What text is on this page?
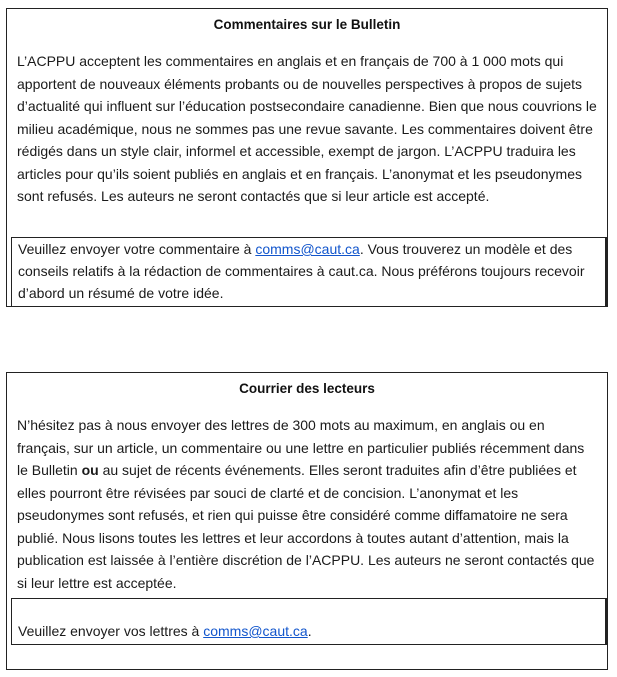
Commentaires sur le Bulletin
L’ACPPU acceptent les commentaires en anglais et en français de 700 à 1 000 mots qui apportent de nouveaux éléments probants ou de nouvelles perspectives à propos de sujets d’actualité qui influent sur l’éducation postsecondaire canadienne. Bien que nous couvrions le milieu académique, nous ne sommes pas une revue savante. Les commentaires doivent être rédigés dans un style clair, informel et accessible, exempt de jargon. L’ACPPU traduira les articles pour qu’ils soient publiés en anglais et en français. L’anonymat et les pseudonymes sont refusés. Les auteurs ne seront contactés que si leur article est accepté.

Veuillez envoyer votre commentaire à comms@caut.ca. Vous trouverez un modèle et des conseils relatifs à la rédaction de commentaires à caut.ca. Nous préférons toujours recevoir d’abord un résumé de votre idée.

Courrier des lecteurs
N’hésitez pas à nous envoyer des lettres de 300 mots au maximum, en anglais ou en français, sur un article, un commentaire ou une lettre en particulier publiés récemment dans le Bulletin ou au sujet de récents événements. Elles seront traduites afin d’être publiées et elles pourront être révisées par souci de clarté et de concision. L’anonymat et les pseudonymes sont refusés, et rien qui puisse être considéré comme diffamatoire ne sera publié. Nous lisons toutes les lettres et leur accordons à toutes autant d’attention, mais la publication est laissée à l’entière discrétion de l’ACPPU. Les auteurs ne seront contactés que si leur lettre est acceptée.

Veuillez envoyer vos lettres à comms@caut.ca.
